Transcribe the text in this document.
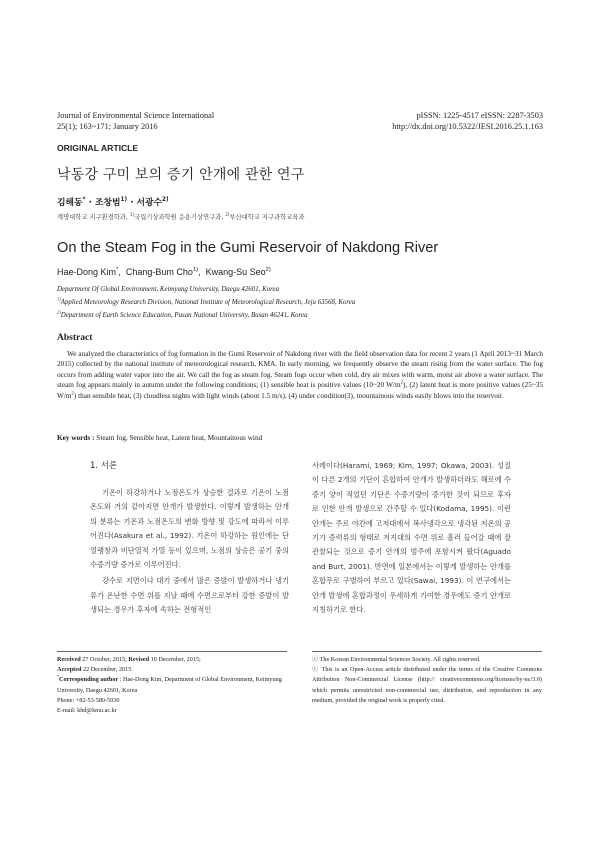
Journal of Environmental Science International
25(1); 163~171; January 2016
pISSN: 1225-4517 eISSN: 2287-3503
http://dx.doi.org/10.5322/JESI.2016.25.1.163
ORIGINAL ARTICLE
낙동강 구미 보의 증기 안개에 관한 연구
김해동* · 조창범$^{1)}$ · 서광수$^{2)}$
계명대학교 지구환경학과, $^{1)}$국립기상과학원 응용기상연구과, $^{2)}$부산대학교 지구과학교육과
On the Steam Fog in the Gumi Reservoir of Nakdong River
Hae-Dong Kim*, Chang-Bum Cho$^{1)}$, Kwang-Su Seo$^{2)}$
Department Of Global Environment, Keimyung University, Daegu 42601, Korea
$^{1)}$Applied Meteorology Research Division, National Institute of Meteorological Research, Jeju 63568, Korea
$^{2)}$Department of Earth Science Education, Pusan National University, Busan 46241, Korea
Abstract

We analyzed the characteristics of fog formation in the Gumi Reservoir of Nakdong river with the field observation data for recent 2 years (1 April 2013~31 March 2015) collected by the national institute of meteorological research, KMA. In early morning, we frequently observe the steam rising from the water surface. The fog occurs from adding water vapor into the air. We call the fog as steam fog. Steam fogs occur when cold, dry air mixes with warm, moist air above a water surface. The steam fog appears mainly in autumn under the following conditions; (1) sensible heat is positive values (10~20 $W/m^2$), (2) latent heat is more positive values (25~35 $W/m^2$) than sensible heat, (3) cloudless nights with light winds (about 1.5 m/s), (4) under condition(3), mountainous winds easily blows into the reservoir.

Key words : Steam fog, Sensible heat, Latent heat, Mountainous wind
1. 서론

기온이 하강하거나 노점온도가 상승한 결과로 기온이 노점온도와 거의 같아지면 안개가 발생한다. 이렇게 발생하는 안개의 분류는 기온과 노점온도의 변화 방향 및 강도에 따라서 이루어진다(Asakura et al., 1992). 기온이 하강하는 원인에는 단열팽창과 비단열적 가열 등이 있으며, 노점의 상승은 공기 중의 수증기량 증가로 이루어진다.

강수로 지면이나 대기 중에서 많은 증발이 발생하거나 냉기류가 온난한 수면 위를 지날 때에 수면으로부터 강한 증발이 발생되는 경우가 후자에 속하는 전형적인

사례이다(Harami, 1969; Kim, 1997; Okawa, 2003). 성질이 다른 2개의 기단이 혼합하여 안개가 발생하더라도 해로에 수증기 양이 적었던 기단은 수증기량이 증가한 것이 되므로 후자로 인한 안개 발생으로 간주할 수 있다(Kodama, 1995). 이런 안개는 주로 야간에 고저대에서 복사냉각으로 냉각된 저온의 공기가 증력류의 형태로 저지대의 수면 위로 흘러 들어갈 때에 잘 관찰되는 것으로 증기 안개의 범주에 포함시켜 왔다(Aguado and Burt, 2001). 반면에 일본에서는 이렇게 발생하는 안개를 혼합무로 구별하여 부르고 있다(Sawai, 1993). 이 연구에서는 안개 발생에 혼합과정이 우세하게 기여한 경우에도 증기 안개로 지칭하기로 한다.

Received 27 October, 2015; Revised 10 December, 2015;
Accepted 22 December, 2015
*Corresponding author : Hae-Dong Kim, Department of Global Environment, Keimyung University, Daegu 42601, Korea
Phone: +82-53-580-5930
E-mail: khd@kmu.ac.kr
ⓒ The Korean Environmental Sciences Society. All rights reserved.
ⓒ This is an Open-Access article distributed under the terms of the Creative Commons Attribution Non-Commercial License (http:// creativecommons.org/licenses/by-nc/3.0) which permits unrestricted non-commercial use, distribution, and reproduction in any medium, provided the original work is properly cited.
